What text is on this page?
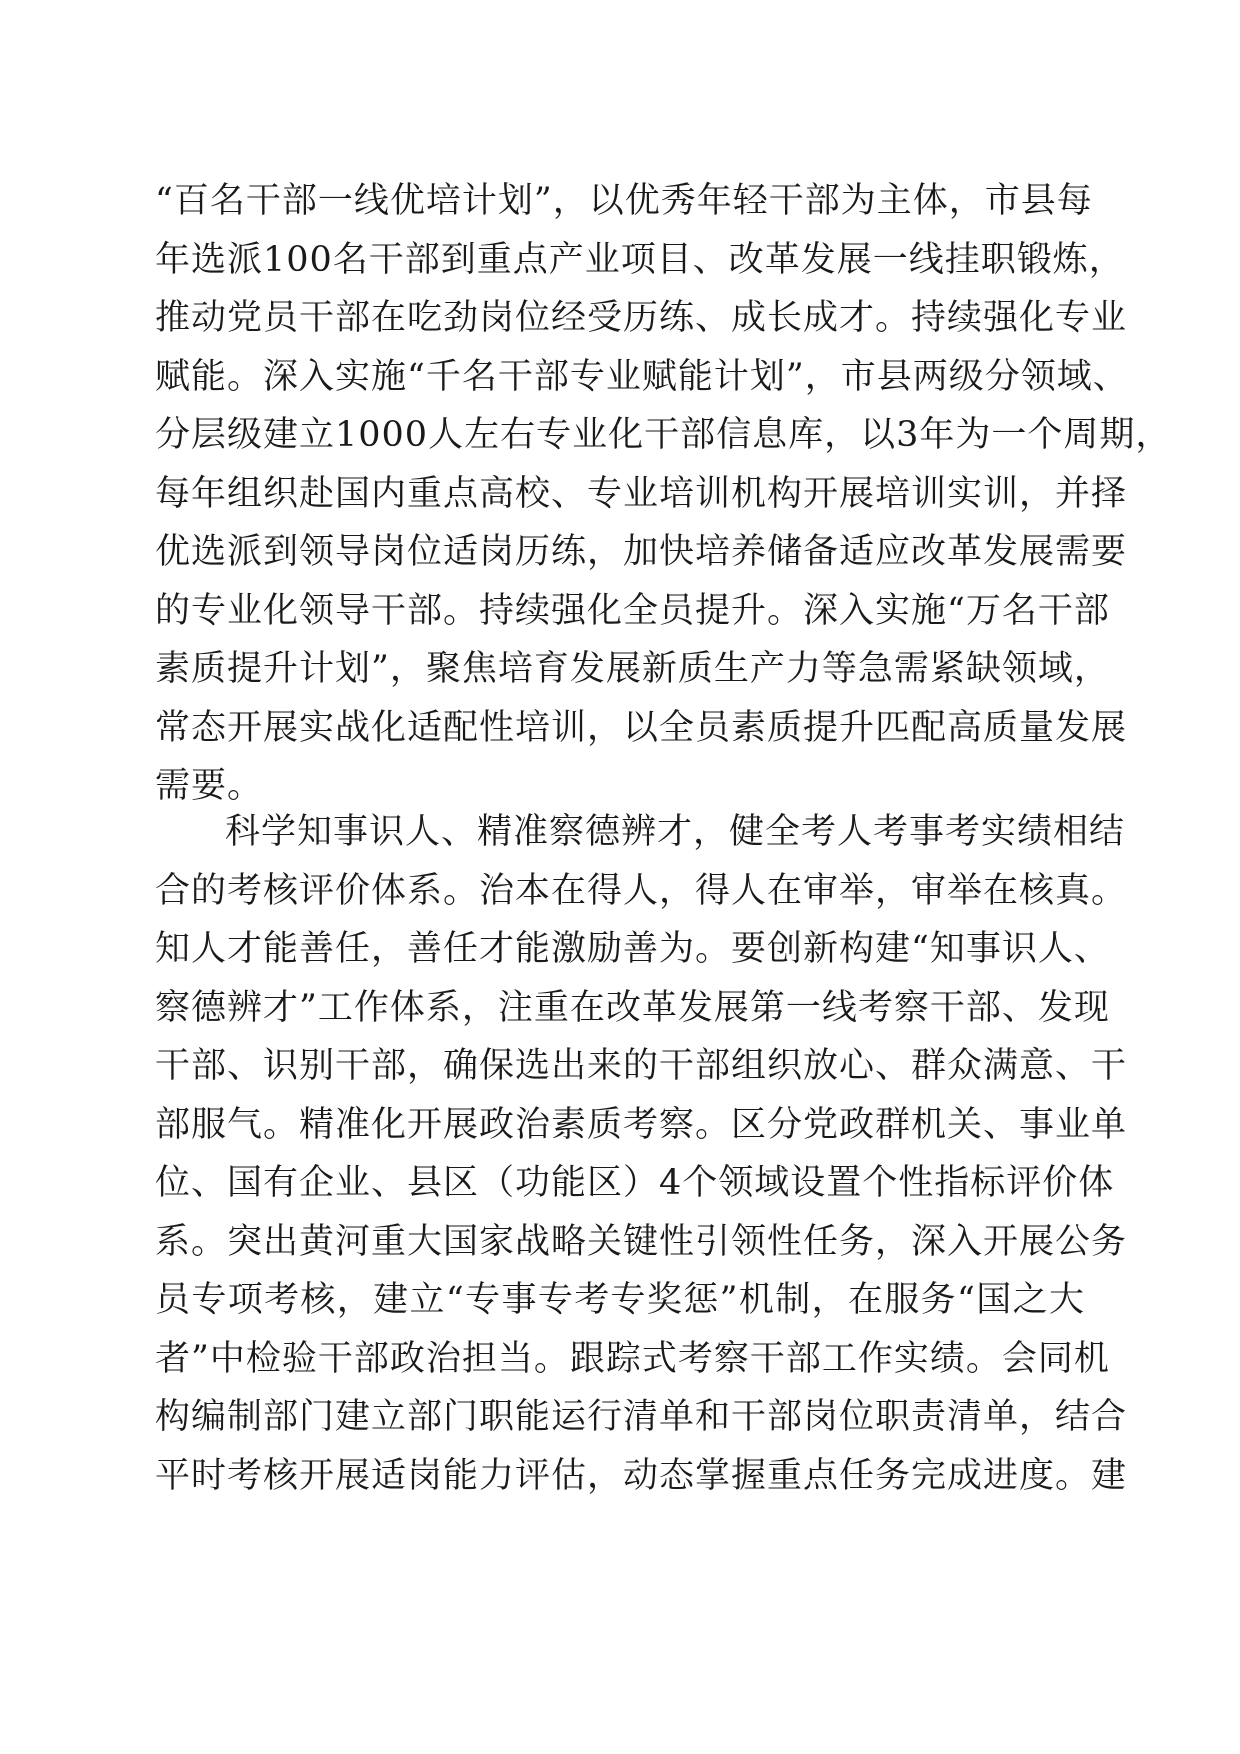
“百名干部一线优培计划”，以优秀年轻干部为主体，市县每
年选派100名干部到重点产业项目、改革发展一线挂职锻炼，
推动党员干部在吃劲岗位经受历练、成长成才。持续强化专业
赋能。深入实施“千名干部专业赋能计划”，市县两级分领域、
分层级建立1000人左右专业化干部信息库，以3年为一个周期，
每年组织赴国内重点高校、专业培训机构开展培训实训，并择
优选派到领导岗位适岗历练，加快培养储备适应改革发展需要
的专业化领导干部。持续强化全员提升。深入实施“万名干部
素质提升计划”，聚焦培育发展新质生产力等急需紧缺领域，
常态开展实战化适配性培训，以全员素质提升匹配高质量发展
需要。
科学知事识人、精准察德辨才，健全考人考事考实绩相结
合的考核评价体系。治本在得人，得人在审举，审举在核真。
知人才能善任，善任才能激励善为。要创新构建“知事识人、
察德辨才”工作体系，注重在改革发展第一线考察干部、发现
干部、识别干部，确保选出来的干部组织放心、群众满意、干
部服气。精准化开展政治素质考察。区分党政群机关、事业单
位、国有企业、县区（功能区）4个领域设置个性指标评价体
系。突出黄河重大国家战略关键性引领性任务，深入开展公务
员专项考核，建立“专事专考专奖惩”机制，在服务“国之大
者”中检验干部政治担当。跟踪式考察干部工作实绩。会同机
构编制部门建立部门职能运行清单和干部岗位职责清单，结合
平时考核开展适岗能力评估，动态掌握重点任务完成进度。建
